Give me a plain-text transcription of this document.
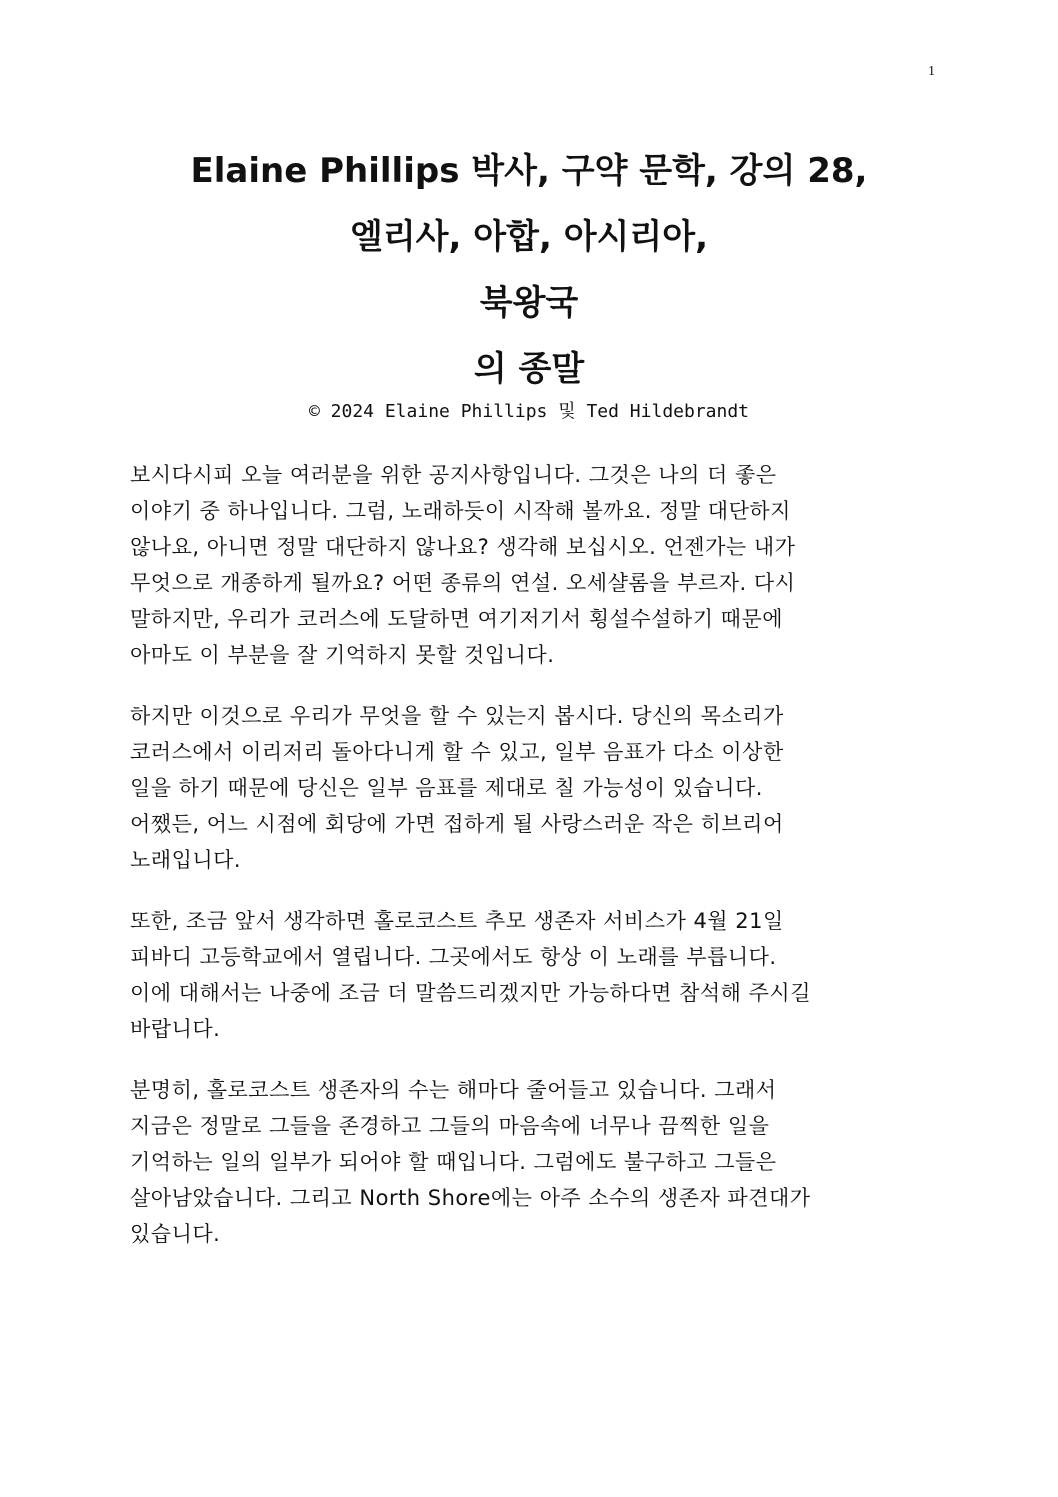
1
Elaine Phillips 박사, 구약 문학, 강의 28,
엘리사, 아합, 아시리아,
북왕국
의 종말
© 2024 Elaine Phillips 및 Ted Hildebrandt
보시다시피 오늘 여러분을 위한 공지사항입니다. 그것은 나의 더 좋은
이야기 중 하나입니다. 그럼, 노래하듯이 시작해 볼까요. 정말 대단하지
않나요, 아니면 정말 대단하지 않나요? 생각해 보십시오. 언젠가는 내가
무엇으로 개종하게 될까요? 어떤 종류의 연설. 오세샬롬을 부르자. 다시
말하지만, 우리가 코러스에 도달하면 여기저기서 횡설수설하기 때문에
아마도 이 부분을 잘 기억하지 못할 것입니다.
하지만 이것으로 우리가 무엇을 할 수 있는지 봅시다. 당신의 목소리가
코러스에서 이리저리 돌아다니게 할 수 있고, 일부 음표가 다소 이상한
일을 하기 때문에 당신은 일부 음표를 제대로 칠 가능성이 있습니다.
어쨌든, 어느 시점에 회당에 가면 접하게 될 사랑스러운 작은 히브리어
노래입니다.
또한, 조금 앞서 생각하면 홀로코스트 추모 생존자 서비스가 4월 21일
피바디 고등학교에서 열립니다. 그곳에서도 항상 이 노래를 부릅니다.
이에 대해서는 나중에 조금 더 말씀드리겠지만 가능하다면 참석해 주시길
바랍니다.
분명히, 홀로코스트 생존자의 수는 해마다 줄어들고 있습니다. 그래서
지금은 정말로 그들을 존경하고 그들의 마음속에 너무나 끔찍한 일을
기억하는 일의 일부가 되어야 할 때입니다. 그럼에도 불구하고 그들은
살아남았습니다. 그리고 North Shore에는 아주 소수의 생존자 파견대가
있습니다.
